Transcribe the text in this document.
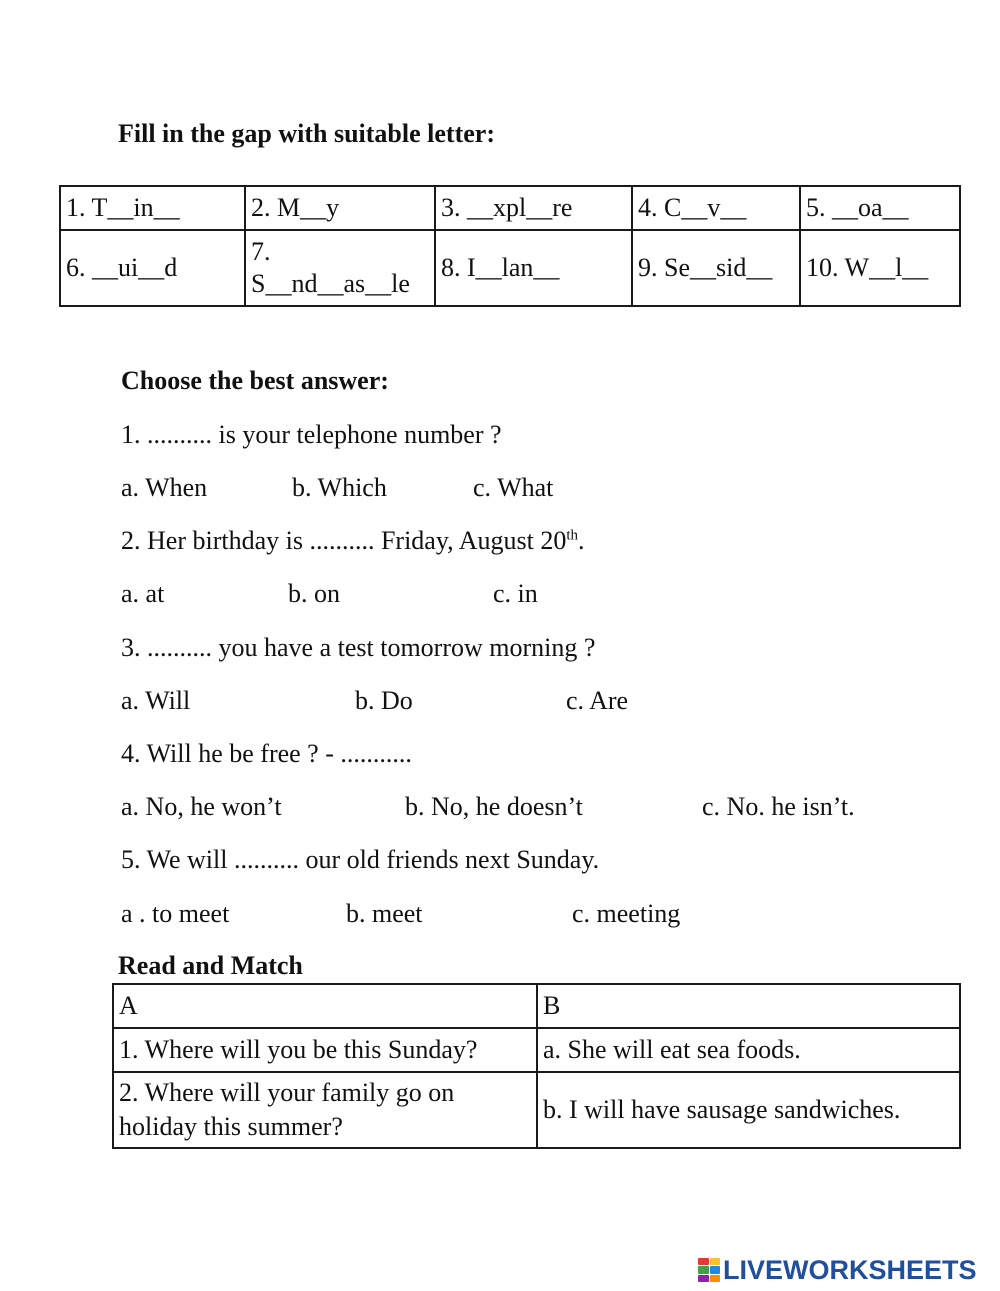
Fill in the gap with suitable letter:
1. T__in__	2. M__y	3. __xpl__re	4. C__v__	5. __oa__
6. __ui__d	7. S__nd__as__le	8. I__lan__	9. Se__sid__	10. W__l__
Choose the best answer:
1. .......... is your telephone number ?
a. When	b. Which	c. What
2. Her birthday is .......... Friday, August 20th.
a. at	b. on	c. in
3. .......... you have a test tomorrow morning ?
a. Will	b. Do	c. Are
4. Will he be free ? - ...........
a. No, he won’t	b. No, he doesn’t	c. No. he isn’t.
5. We will .......... our old friends next Sunday.
a . to meet	b. meet	c. meeting
Read and Match
A	B
1. Where will you be this Sunday?	a. She will eat sea foods.
2. Where will your family go on holiday this summer?	b. I will have sausage sandwiches.
LIVEWORKSHEETS
